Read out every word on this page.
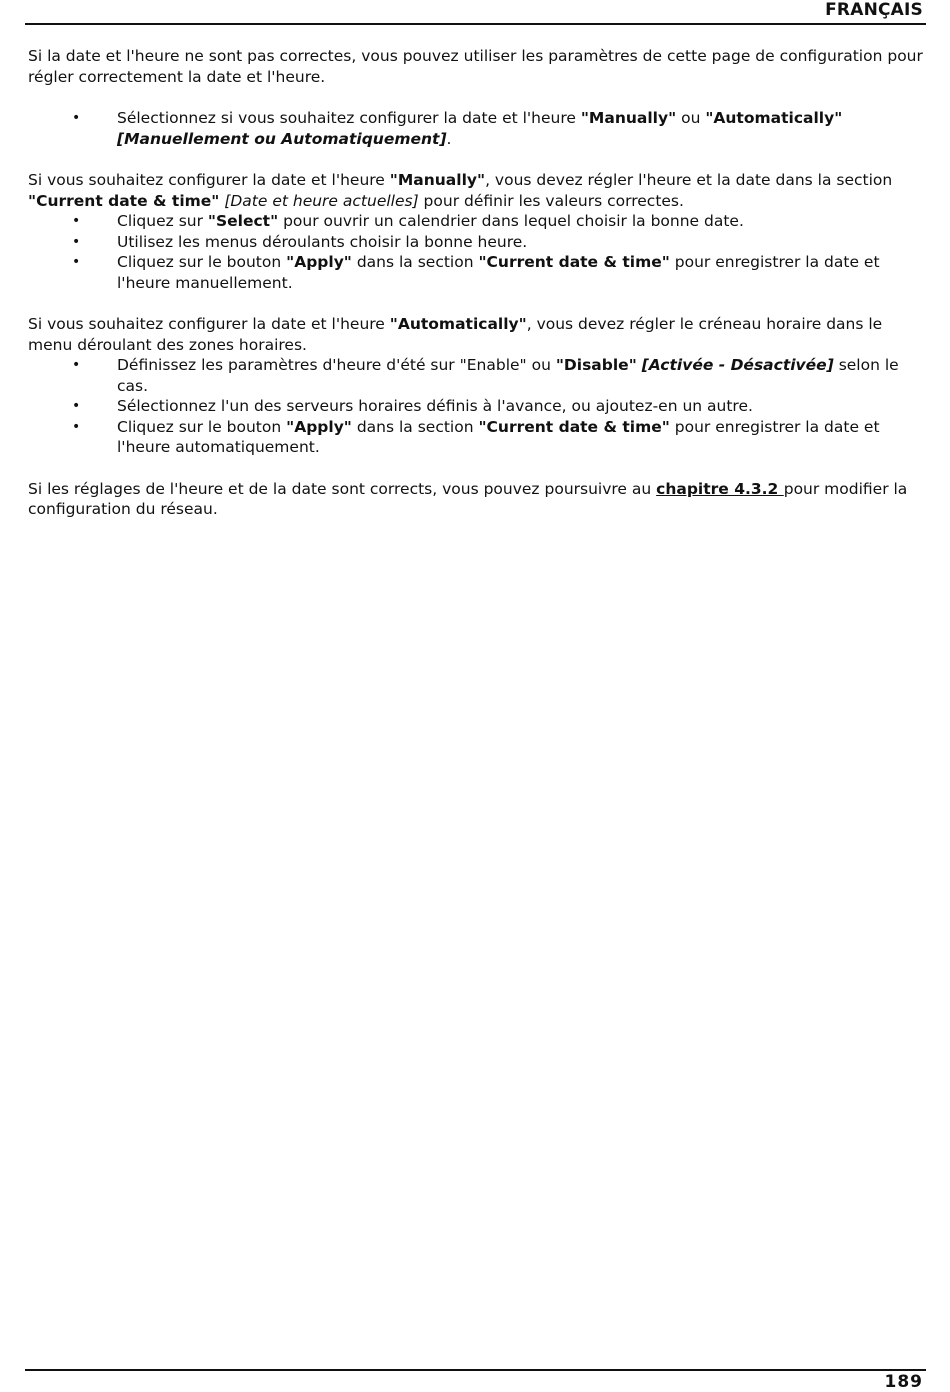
FRANÇAIS

Si la date et l'heure ne sont pas correctes, vous pouvez utiliser les paramètres de cette page de configuration pour régler correctement la date et l'heure.

• Sélectionnez si vous souhaitez configurer la date et l'heure "Manually" ou "Automatically" [Manuellement ou Automatiquement].

Si vous souhaitez configurer la date et l'heure "Manually", vous devez régler l'heure et la date dans la section "Current date & time" [Date et heure actuelles] pour définir les valeurs correctes.

• Cliquez sur "Select" pour ouvrir un calendrier dans lequel choisir la bonne date.
• Utilisez les menus déroulants choisir la bonne heure.
• Cliquez sur le bouton "Apply" dans la section "Current date & time" pour enregistrer la date et l'heure manuellement.

Si vous souhaitez configurer la date et l'heure "Automatically", vous devez régler le créneau horaire dans le menu déroulant des zones horaires.

• Définissez les paramètres d'heure d'été sur "Enable" ou "Disable" [Activée - Désactivée] selon le cas.
• Sélectionnez l'un des serveurs horaires définis à l'avance, ou ajoutez-en un autre.
• Cliquez sur le bouton "Apply" dans la section "Current date & time" pour enregistrer la date et l'heure automatiquement.

Si les réglages de l'heure et de la date sont corrects, vous pouvez poursuivre au chapitre 4.3.2 pour modifier la configuration du réseau.

189
